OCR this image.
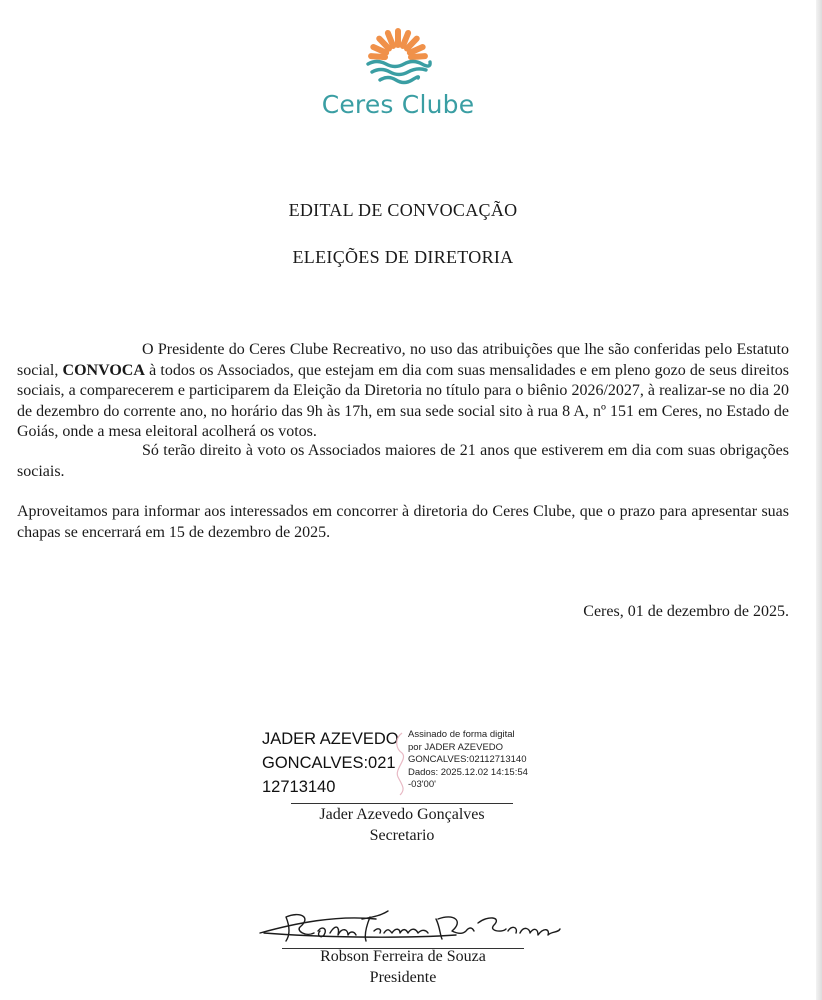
Ceres Clube
EDITAL DE CONVOCAÇÃO
ELEIÇÕES DE DIRETORIA
O Presidente do Ceres Clube Recreativo, no uso das atribuições que lhe são conferidas pelo Estatuto social, CONVOCA à todos os Associados, que estejam em dia com suas mensalidades e em pleno gozo de seus direitos sociais, a comparecerem e participarem da Eleição da Diretoria no título para o biênio 2026/2027, à realizar-se no dia 20 de dezembro do corrente ano, no horário das 9h às 17h, em sua sede social sito à rua 8 A, nº 151 em Ceres, no Estado de Goiás, onde a mesa eleitoral acolherá os votos.
Só terão direito à voto os Associados maiores de 21 anos que estiverem em dia com suas obrigações sociais.
Aproveitamos para informar aos interessados em concorrer à diretoria do Ceres Clube, que o prazo para apresentar suas chapas se encerrará em 15 de dezembro de 2025.
Ceres, 01 de dezembro de 2025.
JADER AZEVEDO
GONCALVES:021
12713140
Assinado de forma digital
por JADER AZEVEDO
GONCALVES:02112713140
Dados: 2025.12.02 14:15:54
-03'00'
Jader Azevedo Gonçalves
Secretario
Robson Ferreira de Souza
Presidente
